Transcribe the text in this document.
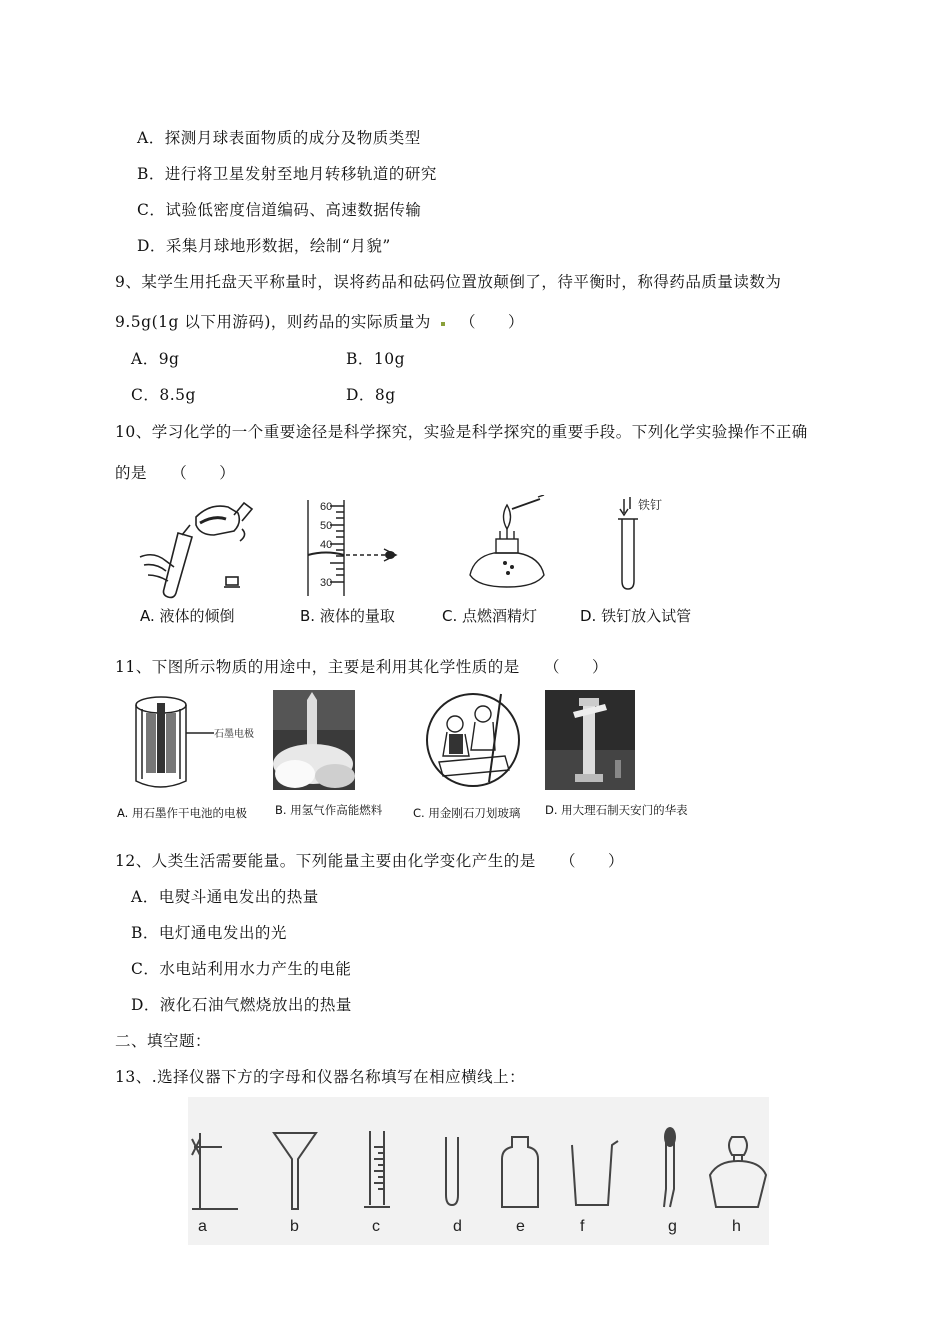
A．探测月球表面物质的成分及物质类型
B．进行将卫星发射至地月转移轨道的研究
C．试验低密度信道编码、高速数据传输
D．采集月球地形数据，绘制“月貌”
9、某学生用托盘天平称量时，误将药品和砝码位置放颠倒了，待平衡时，称得药品质量读数为
9.5g(1g 以下用游码)，则药品的实际质量为 （　　）
A．9g	B．10g
C．8.5g	D．8g
10、学习化学的一个重要途径是科学探究，实验是科学探究的重要手段。下列化学实验操作不正确
的是　　（　　）
60
50
40
30
铁钉
A. 液体的倾倒	B. 液体的量取	C. 点燃酒精灯	D. 铁钉放入试管
11、下图所示物质的用途中，主要是利用其化学性质的是　　（　　）
石墨电极
A. 用石墨作干电池的电极 B. 用氢气作高能燃料	C. 用金刚石刀划玻璃 D. 用大理石制天安门的华表
12、人类生活需要能量。下列能量主要由化学变化产生的是　　（　　）
A．电熨斗通电发出的热量
B．电灯通电发出的光
C．水电站利用水力产生的电能
D．液化石油气燃烧放出的热量
二、填空题：
13、.选择仪器下方的字母和仪器名称填写在相应横线上：
a	b	c	d	e	f	g	h
